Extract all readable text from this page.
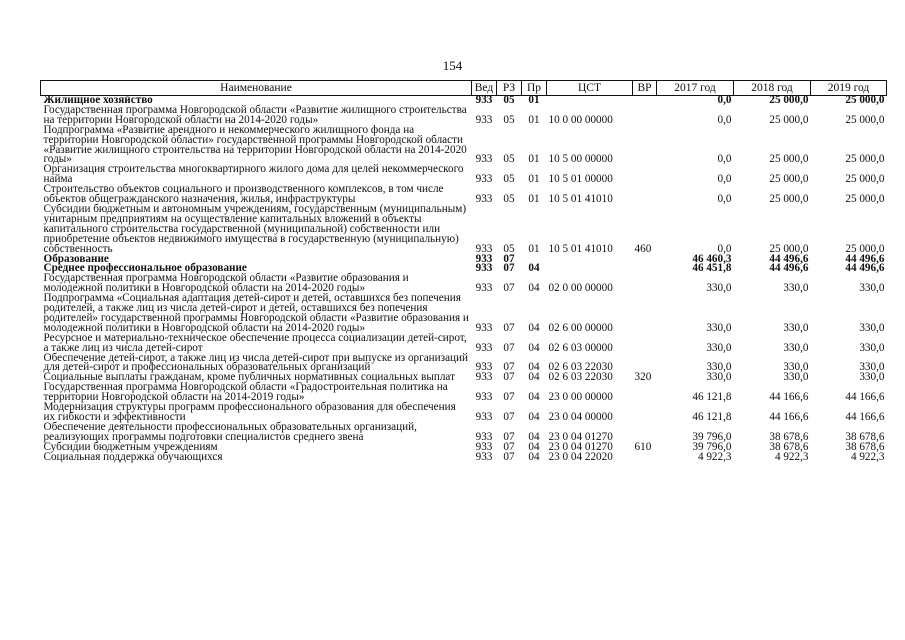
154
Наименование	Вед	РЗ	Пр	ЦСТ	ВР	2017 год	2018 год	2019 год
Жилищное хозяйство	933	05	01			0,0	25 000,0	25 000,0
Государственная программа Новгородской области «Развитие жилищного строительства на территории Новгородской области на 2014-2020 годы»	933	05	01	10 0 00 00000		0,0	25 000,0	25 000,0
Подпрограмма «Развитие арендного и некоммерческого жилищного фонда на территории Новгородской области» государственной программы Новгородской области «Развитие жилищного строительства на территории Новгородской области на 2014-2020 годы»	933	05	01	10 5 00 00000		0,0	25 000,0	25 000,0
Организация строительства многоквартирного жилого дома для целей некоммерческого найма	933	05	01	10 5 01 00000		0,0	25 000,0	25 000,0
Строительство объектов социального и производственного комплексов, в том числе объектов общегражданского назначения, жилья, инфраструктуры	933	05	01	10 5 01 41010		0,0	25 000,0	25 000,0
Субсидии бюджетным и автономным учреждениям, государственным (муниципальным) унитарным предприятиям на осуществление капитальных вложений в объекты капитального строительства государственной (муниципальной) собственности или приобретение объектов недвижимого имущества в государственную (муниципальную) собственность	933	05	01	10 5 01 41010	460	0,0	25 000,0	25 000,0
Образование	933	07				46 460,3	44 496,6	44 496,6
Среднее профессиональное образование	933	07	04			46 451,8	44 496,6	44 496,6
Государственная программа Новгородской области «Развитие образования и молодежной политики в Новгородской области на 2014-2020 годы»	933	07	04	02 0 00 00000		330,0	330,0	330,0
Подпрограмма «Социальная адаптация детей-сирот и детей, оставшихся без попечения родителей, а также лиц из числа детей-сирот и детей, оставшихся без попечения родителей» государственной программы Новгородской области «Развитие образования и молодежной политики в Новгородской области на 2014-2020 годы»	933	07	04	02 6 00 00000		330,0	330,0	330,0
Ресурсное и материально-техническое обеспечение процесса социализации детей-сирот, а также лиц из числа детей-сирот	933	07	04	02 6 03 00000		330,0	330,0	330,0
Обеспечение детей-сирот, а также лиц из числа детей-сирот при выпуске из организаций для детей-сирот и профессиональных образовательных организаций	933	07	04	02 6 03 22030		330,0	330,0	330,0
Социальные выплаты гражданам, кроме публичных нормативных социальных выплат	933	07	04	02 6 03 22030	320	330,0	330,0	330,0
Государственная программа Новгородской области «Градостроительная политика на территории Новгородской области на 2014-2019 годы»	933	07	04	23 0 00 00000		46 121,8	44 166,6	44 166,6
Модернизация структуры программ профессионального образования для обеспечения их гибкости и эффективности	933	07	04	23 0 04 00000		46 121,8	44 166,6	44 166,6
Обеспечение деятельности профессиональных образовательных организаций, реализующих программы подготовки специалистов среднего звена	933	07	04	23 0 04 01270		39 796,0	38 678,6	38 678,6
Субсидии бюджетным учреждениям	933	07	04	23 0 04 01270	610	39 796,0	38 678,6	38 678,6
Социальная поддержка обучающихся	933	07	04	23 0 04 22020		4 922,3	4 922,3	4 922,3
